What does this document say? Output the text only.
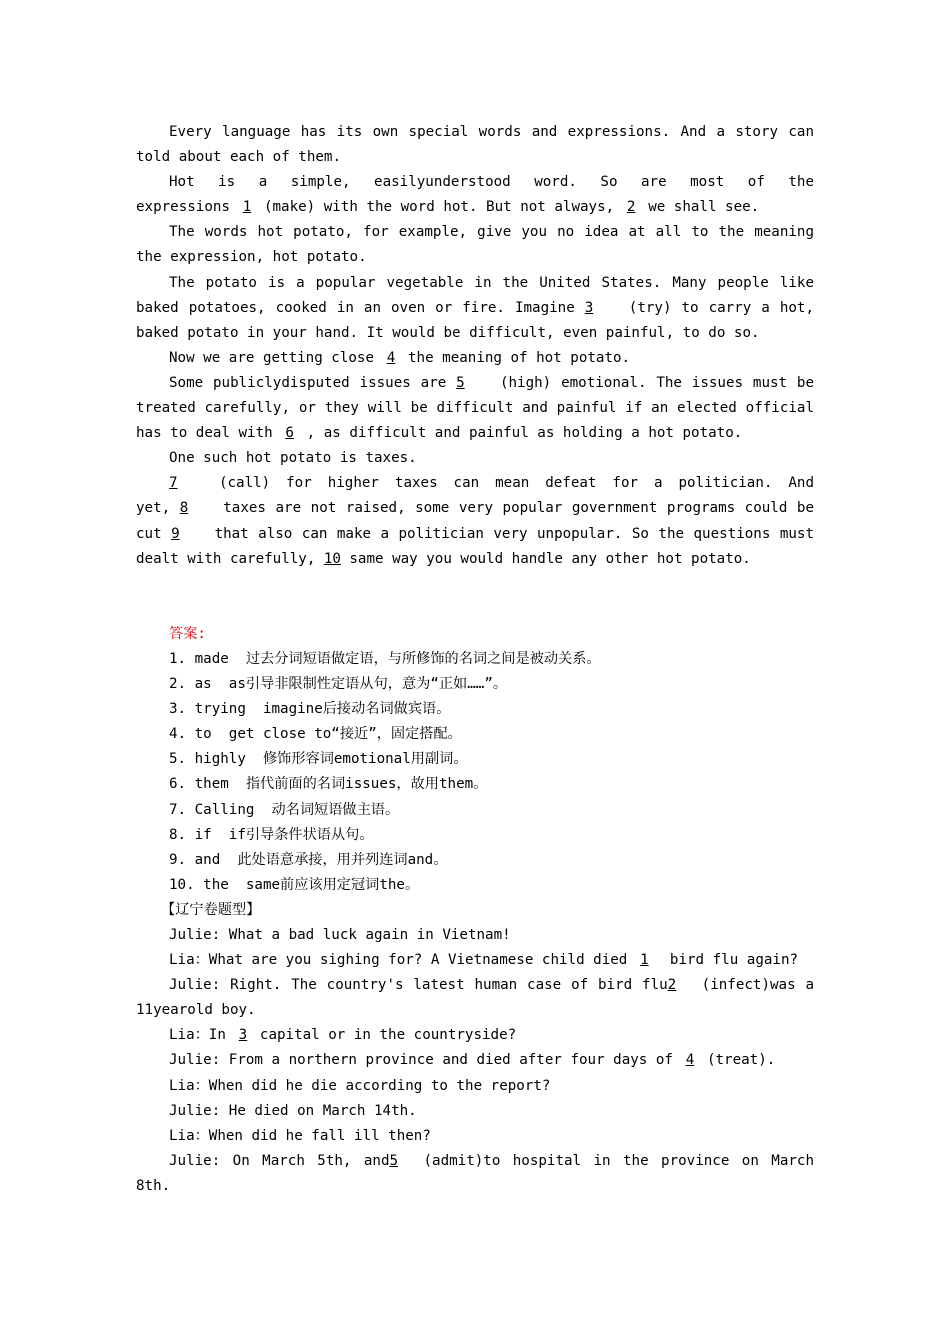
Every language has its own special words and expressions. And a story can
told about each of them.
Hot is a simple, easilyunderstood word. So are most of the
expressions 1 (make) with the word hot. But not always, 2 we shall see.
The words hot potato, for example, give you no idea at all to the meaning
the expression, hot potato.
The potato is a popular vegetable in the United States. Many people like
baked potatoes, cooked in an oven or fire. Imagine 3 (try) to carry a hot,
baked potato in your hand. It would be difficult, even painful, to do so.
Now we are getting close 4 the meaning of hot potato.
Some publiclydisputed issues are 5 (high) emotional. The issues must be
treated carefully, or they will be difficult and painful if an elected official
has to deal with 6 , as difficult and painful as holding a hot potato.
One such hot potato is taxes.
7	(call) for higher taxes can mean defeat for a politician. And
yet, 8 taxes are not raised, some very popular government programs could be
cut 9 that also can make a politician very unpopular. So the questions must
dealt with carefully, 10 same way you would handle any other hot potato.

答案:
1. made  过去分词短语做定语，与所修饰的名词之间是被动关系。
2. as  as引导非限制性定语从句，意为“正如……”。
3. trying  imagine后接动名词做宾语。
4. to  get close to“接近”，固定搭配。
5. highly  修饰形容词emotional用副词。
6. them  指代前面的名词issues，故用them。
7. Calling  动名词短语做主语。
8. if  if引导条件状语从句。
9. and  此处语意承接，用并列连词and。
10. the  same前应该用定冠词the。
【辽宁卷题型】
Julie: What a bad luck again in Vietnam!
Lia：What are you sighing for? A Vietnamese child died 1 bird flu again?
Julie: Right. The country's latest human case of bird flu2 (infect)was a
11yearold boy.
Lia：In 3 capital or in the countryside?
Julie: From a northern province and died after four days of 4 (treat).
Lia：When did he die according to the report?
Julie: He died on March 14th.
Lia：When did he fall ill then?
Julie: On March 5th, and5 (admit)to hospital in the province on March
8th.
